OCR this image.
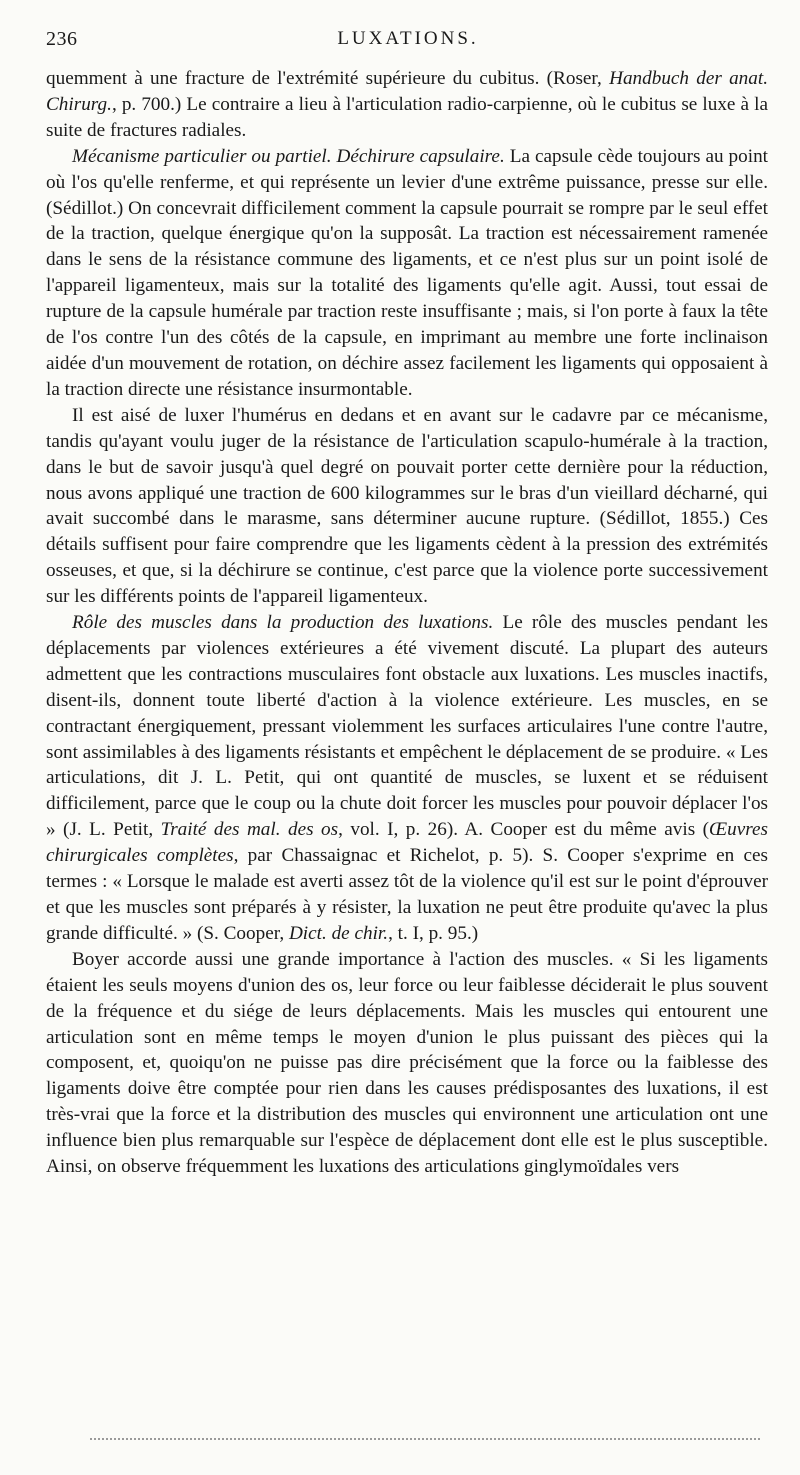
236	LUXATIONS.

quemment à une fracture de l'extrémité supérieure du cubitus. (Roser, Handbuch der anat. Chirurg., p. 700.) Le contraire a lieu à l'articulation radio-carpienne, où le cubitus se luxe à la suite de fractures radiales.

Mécanisme particulier ou partiel. Déchirure capsulaire. La capsule cède toujours au point où l'os qu'elle renferme, et qui représente un levier d'une extrême puissance, presse sur elle. (Sédillot.) On concevrait difficilement comment la capsule pourrait se rompre par le seul effet de la traction, quelque énergique qu'on la supposât. La traction est nécessairement ramenée dans le sens de la résistance commune des ligaments, et ce n'est plus sur un point isolé de l'appareil ligamenteux, mais sur la totalité des ligaments qu'elle agit. Aussi, tout essai de rupture de la capsule humérale par traction reste insuffisante ; mais, si l'on porte à faux la tête de l'os contre l'un des côtés de la capsule, en imprimant au membre une forte inclinaison aidée d'un mouvement de rotation, on déchire assez facilement les ligaments qui opposaient à la traction directe une résistance insurmontable.

Il est aisé de luxer l'humérus en dedans et en avant sur le cadavre par ce mécanisme, tandis qu'ayant voulu juger de la résistance de l'articulation scapulo-humérale à la traction, dans le but de savoir jusqu'à quel degré on pouvait porter cette dernière pour la réduction, nous avons appliqué une traction de 600 kilogrammes sur le bras d'un vieillard décharné, qui avait succombé dans le marasme, sans déterminer aucune rupture. (Sédillot, 1855.) Ces détails suffisent pour faire comprendre que les ligaments cèdent à la pression des extrémités osseuses, et que, si la déchirure se continue, c'est parce que la violence porte successivement sur les différents points de l'appareil ligamenteux.

Rôle des muscles dans la production des luxations. Le rôle des muscles pendant les déplacements par violences extérieures a été vivement discuté. La plupart des auteurs admettent que les contractions musculaires font obstacle aux luxations. Les muscles inactifs, disent-ils, donnent toute liberté d'action à la violence extérieure. Les muscles, en se contractant énergiquement, pressant violemment les surfaces articulaires l'une contre l'autre, sont assimilables à des ligaments résistants et empêchent le déplacement de se produire. « Les articulations, dit J. L. Petit, qui ont quantité de muscles, se luxent et se réduisent difficilement, parce que le coup ou la chute doit forcer les muscles pour pouvoir déplacer l'os » (J. L. Petit, Traité des mal. des os, vol. I, p. 26). A. Cooper est du même avis (Œuvres chirurgicales complètes, par Chassaignac et Richelot, p. 5). S. Cooper s'exprime en ces termes : « Lorsque le malade est averti assez tôt de la violence qu'il est sur le point d'éprouver et que les muscles sont préparés à y résister, la luxation ne peut être produite qu'avec la plus grande difficulté. » (S. Cooper, Dict. de chir., t. I, p. 95.)

Boyer accorde aussi une grande importance à l'action des muscles. « Si les ligaments étaient les seuls moyens d'union des os, leur force ou leur faiblesse déciderait le plus souvent de la fréquence et du siége de leurs déplacements. Mais les muscles qui entourent une articulation sont en même temps le moyen d'union le plus puissant des pièces qui la composent, et, quoiqu'on ne puisse pas dire précisément que la force ou la faiblesse des ligaments doive être comptée pour rien dans les causes prédisposantes des luxations, il est très-vrai que la force et la distribution des muscles qui environnent une articulation ont une influence bien plus remarquable sur l'espèce de déplacement dont elle est le plus susceptible. Ainsi, on observe fréquemment les luxations des articulations ginglymoïdales vers
